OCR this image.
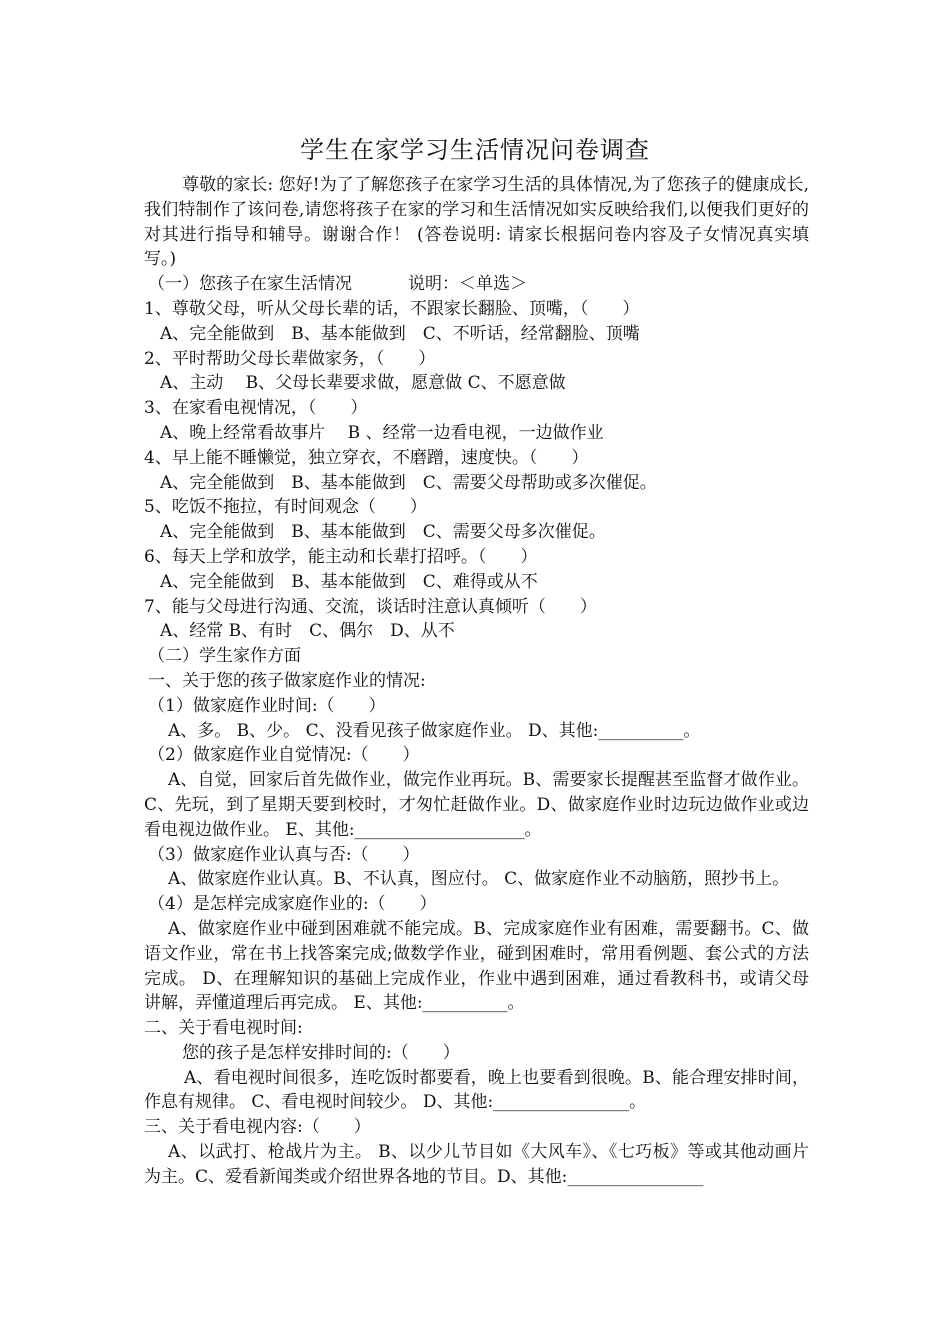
学生在家学习生活情况问卷调查

尊敬的家长: 您好!为了了解您孩子在家学习生活的具体情况,为了您孩子的健康成长,我们特制作了该问卷,请您将孩子在家的学习和生活情况如实反映给我们,以便我们更好的对其进行指导和辅导。谢谢合作！ (答卷说明: 请家长根据问卷内容及子女情况真实填写。)

（一）您孩子在家生活情况	说明：＜单选＞

1、尊敬父母，听从父母长辈的话，不跟家长翻脸、顶嘴，（　　）

A、完全能做到　B、基本能做到　C、不听话，经常翻脸、顶嘴

2、平时帮助父母长辈做家务，（　　）

A、主动　 B、父母长辈要求做，愿意做 C、不愿意做

3、在家看电视情况，（　　）

A、晚上经常看故事片　 B 、经常一边看电视，一边做作业

4、早上能不睡懒觉，独立穿衣，不磨蹭，速度快。（　　）

A、完全能做到　B、基本能做到　C、需要父母帮助或多次催促。

5、吃饭不拖拉，有时间观念（　　）

A、完全能做到　B、基本能做到　C、需要父母多次催促。

6、每天上学和放学，能主动和长辈打招呼。（　　）

A、完全能做到　B、基本能做到　C、难得或从不

7、能与父母进行沟通、交流，谈话时注意认真倾听（　　）

A、经常 B、有时　C、偶尔　D、从不

（二）学生家作方面

一、关于您的孩子做家庭作业的情况:

（1）做家庭作业时间:（　　）

A、多。 B、少。 C、没看见孩子做家庭作业。 D、其他:__________。

（2）做家庭作业自觉情况:（　　）

A、自觉，回家后首先做作业，做完作业再玩。B、需要家长提醒甚至监督才做作业。 C、先玩，到了星期天要到校时，才匆忙赶做作业。D、做家庭作业时边玩边做作业或边看电视边做作业。 E、其他:____________________。

（3）做家庭作业认真与否:（　　）

A、做家庭作业认真。B、不认真，图应付。 C、做家庭作业不动脑筋，照抄书上。

（4）是怎样完成家庭作业的:（　　）

A、做家庭作业中碰到困难就不能完成。B、完成家庭作业有困难，需要翻书。C、做语文作业，常在书上找答案完成;做数学作业，碰到困难时，常用看例题、套公式的方法完成。 D、在理解知识的基础上完成作业，作业中遇到困难，通过看教科书，或请父母讲解，弄懂道理后再完成。 E、其他:__________。

二、关于看电视时间:

您的孩子是怎样安排时间的:（　　）

A、看电视时间很多，连吃饭时都要看，晚上也要看到很晚。B、能合理安排时间，作息有规律。 C、看电视时间较少。 D、其他:________________。

三、关于看电视内容:（　　）

A、以武打、枪战片为主。 B、以少儿节目如《大风车》、《七巧板》等或其他动画片为主。C、爱看新闻类或介绍世界各地的节目。D、其他:________________
